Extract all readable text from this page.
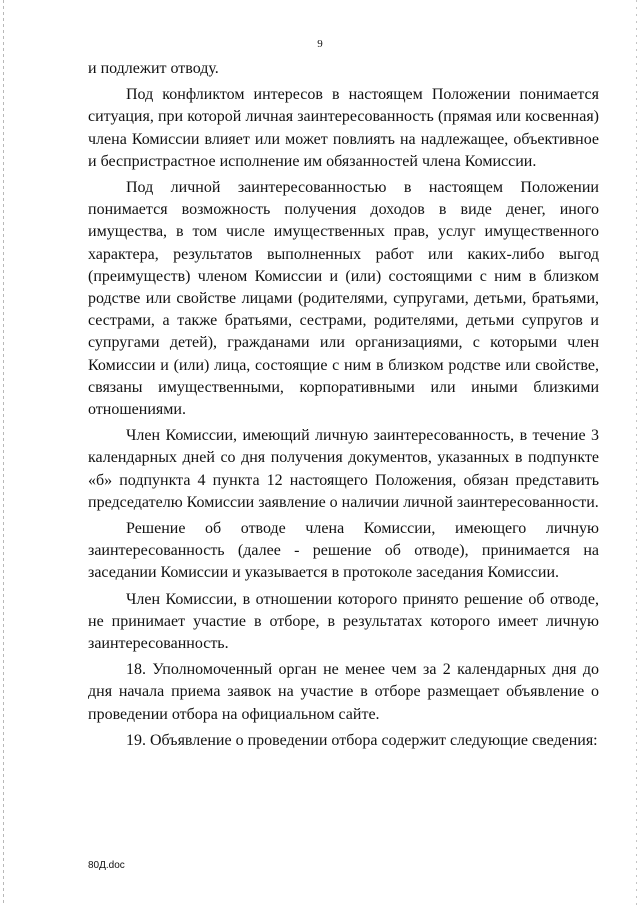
9

и подлежит отводу.

Под конфликтом интересов в настоящем Положении понимается ситуация, при которой личная заинтересованность (прямая или косвенная) члена Комиссии влияет или может повлиять на надлежащее, объективное и беспристрастное исполнение им обязанностей члена Комиссии.

Под личной заинтересованностью в настоящем Положении понимается возможность получения доходов в виде денег, иного имущества, в том числе имущественных прав, услуг имущественного характера, результатов выполненных работ или каких-либо выгод (преимуществ) членом Комиссии и (или) состоящими с ним в близком родстве или свойстве лицами (родителями, супругами, детьми, братьями, сестрами, а также братьями, сестрами, родителями, детьми супругов и супругами детей), гражданами или организациями, с которыми член Комиссии и (или) лица, состоящие с ним в близком родстве или свойстве, связаны имущественными, корпоративными или иными близкими отношениями.

Член Комиссии, имеющий личную заинтересованность, в течение 3 календарных дней со дня получения документов, указанных в подпункте «б» подпункта 4 пункта 12 настоящего Положения, обязан представить председателю Комиссии заявление о наличии личной заинтересованности.

Решение об отводе члена Комиссии, имеющего личную заинтересованность (далее - решение об отводе), принимается на заседании Комиссии и указывается в протоколе заседания Комиссии.

Член Комиссии, в отношении которого принято решение об отводе, не принимает участие в отборе, в результатах которого имеет личную заинтересованность.

18. Уполномоченный орган не менее чем за 2 календарных дня до дня начала приема заявок на участие в отборе размещает объявление о проведении отбора на официальном сайте.

19. Объявление о проведении отбора содержит следующие сведения:

80Д.doc
